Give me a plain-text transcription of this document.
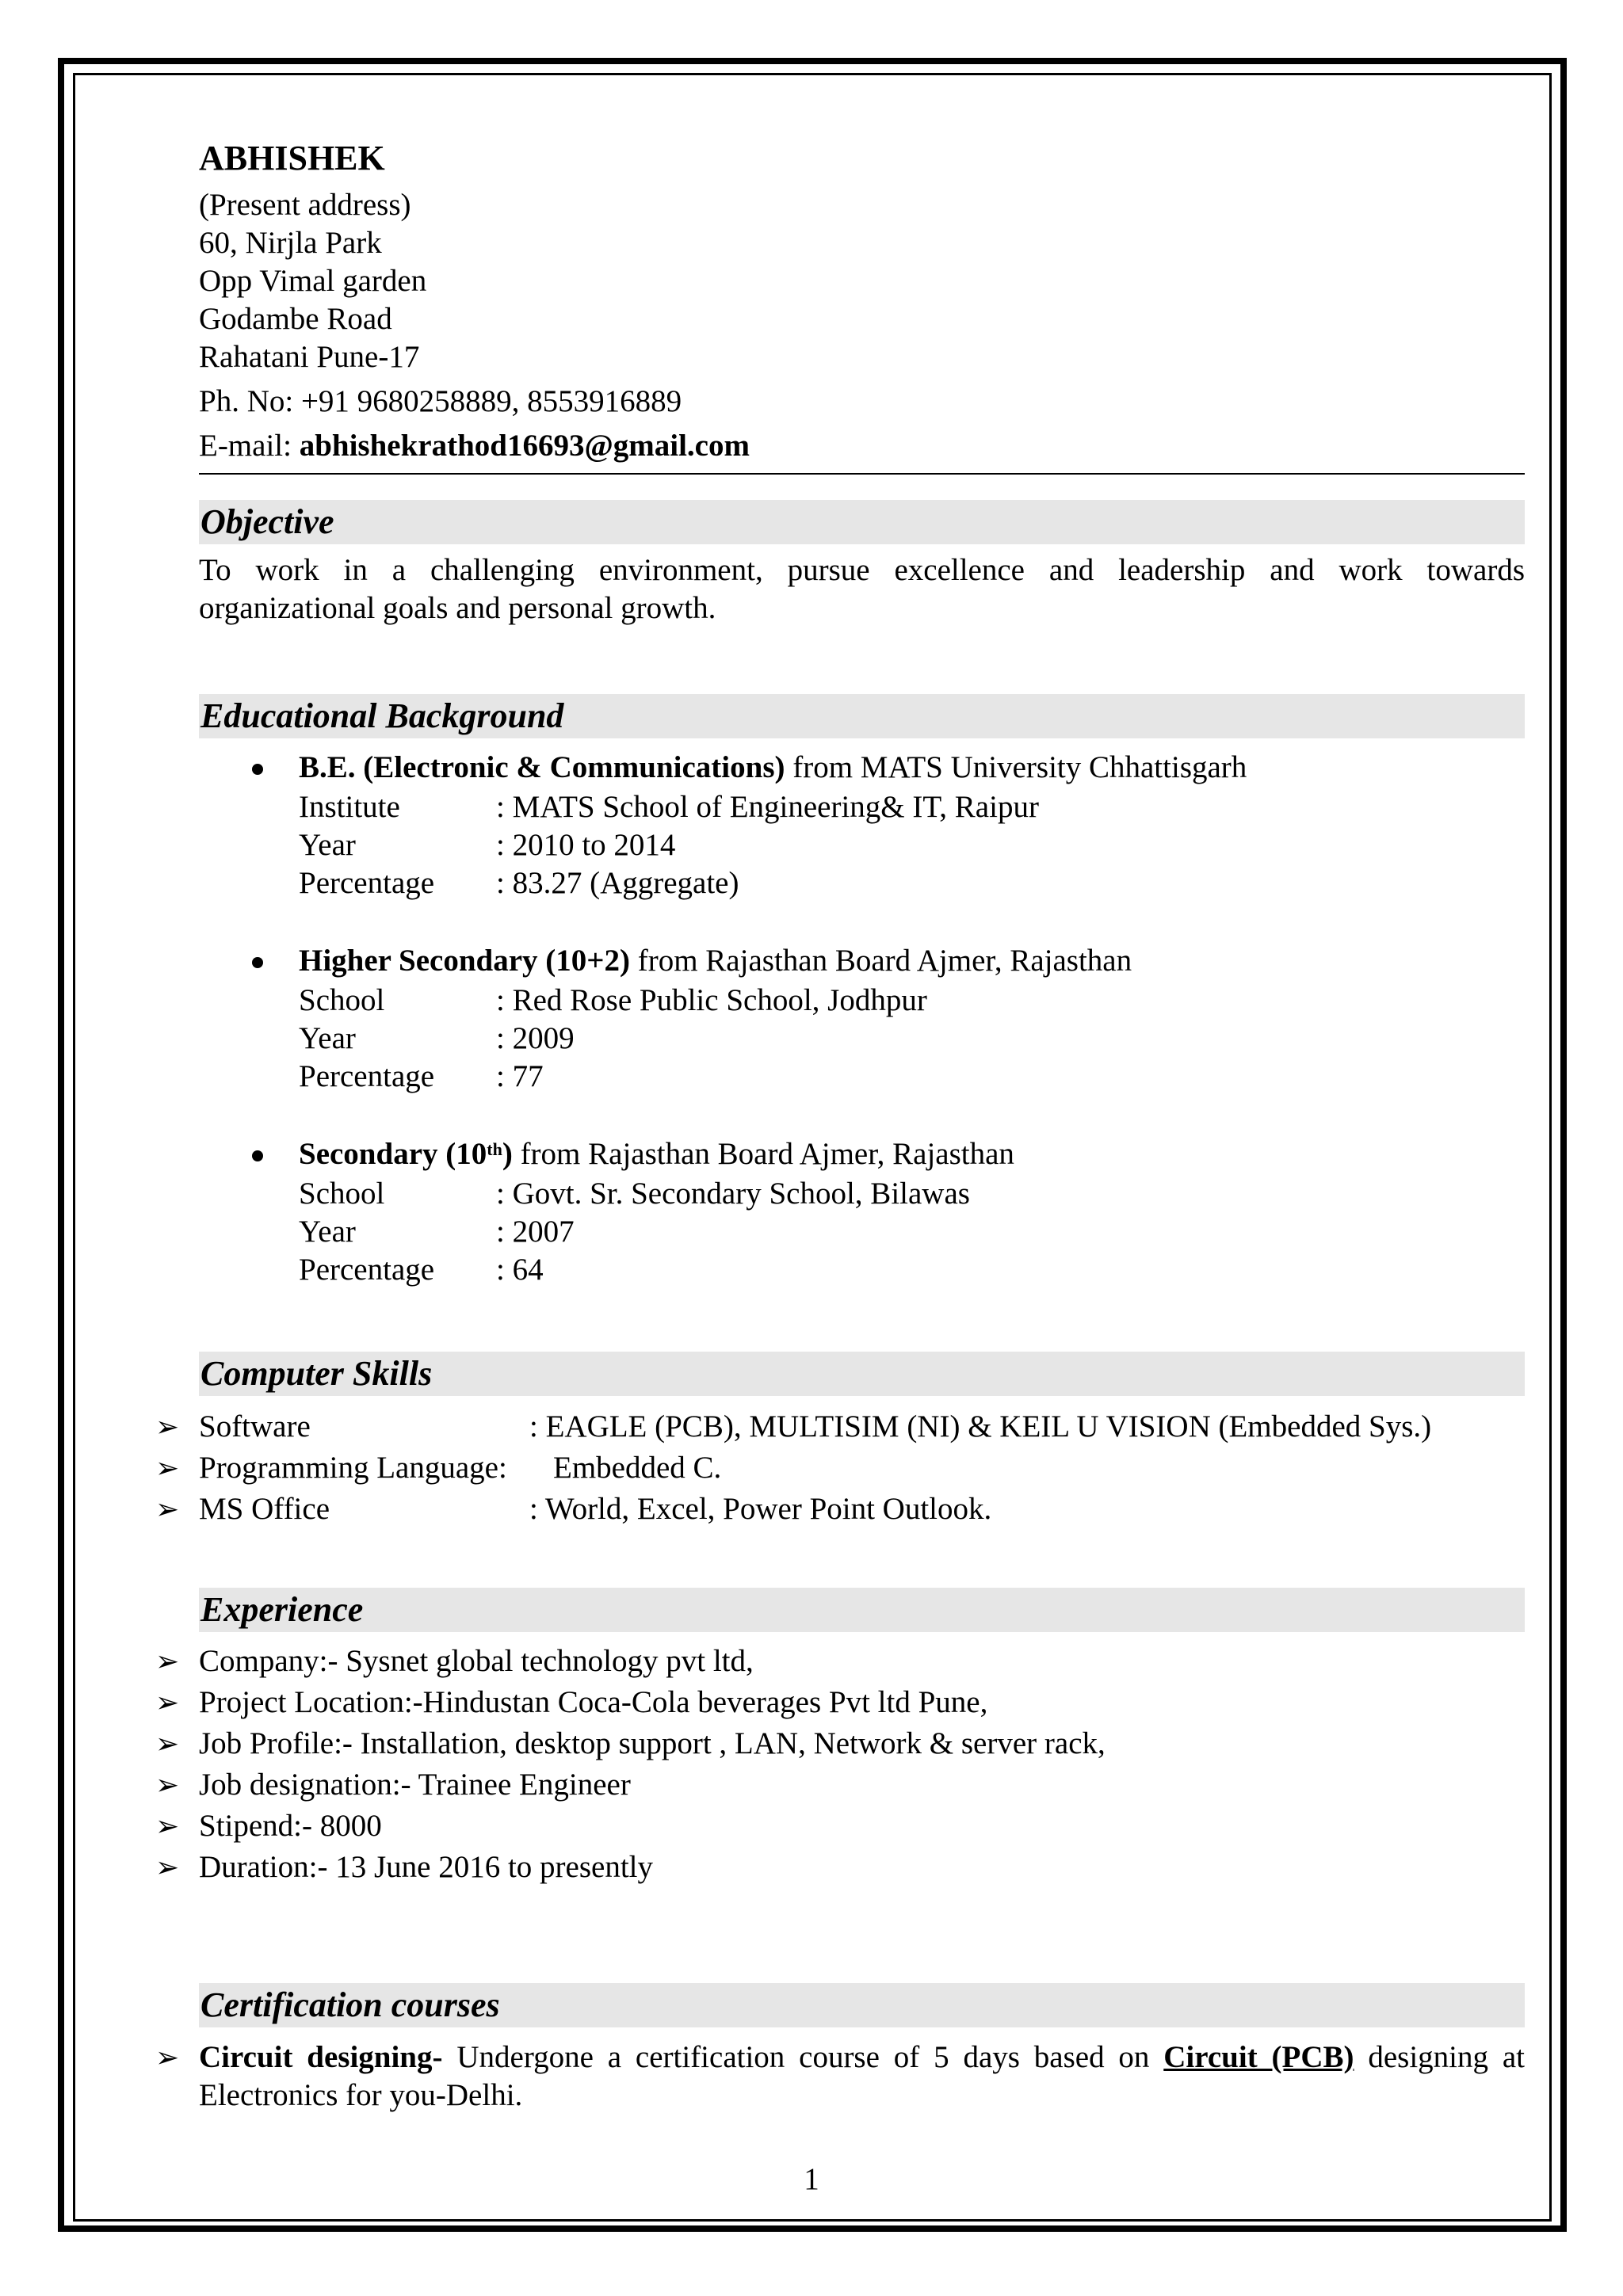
ABHISHEK
(Present address)
60, Nirjla Park
Opp Vimal garden
Godambe Road
Rahatani Pune-17
Ph. No: +91 9680258889, 8553916889
E-mail: abhishekrathod16693@gmail.com
Objective
To work in a challenging environment, pursue excellence and leadership and work towards
organizational goals and personal growth.
Educational Background
B.E. (Electronic & Communications) from MATS University Chhattisgarh
Institute	: MATS School of Engineering& IT, Raipur
Year	: 2010 to 2014
Percentage : 83.27 (Aggregate)
Higher Secondary (10+2) from Rajasthan Board Ajmer, Rajasthan
School	: Red Rose Public School, Jodhpur
Year	: 2009
Percentage : 77
Secondary (10th) from Rajasthan Board Ajmer, Rajasthan
School	: Govt. Sr. Secondary School, Bilawas
Year	: 2007
Percentage : 64
Computer Skills
➢ Software	: EAGLE (PCB), MULTISIM (NI) & KEIL U VISION (Embedded Sys.)
➢ Programming Language: Embedded C.
➢ MS Office	: World, Excel, Power Point Outlook.
Experience
➢ Company:- Sysnet global technology pvt ltd,
➢ Project Location:-Hindustan Coca-Cola beverages Pvt ltd Pune,
➢ Job Profile:- Installation, desktop support , LAN, Network & server rack,
➢ Job designation:- Trainee Engineer
➢ Stipend:- 8000
➢ Duration:- 13 June 2016 to presently
Certification courses
➢ Circuit designing- Undergone a certification course of 5 days based on Circuit (PCB) designing at
Electronics for you-Delhi.
1
